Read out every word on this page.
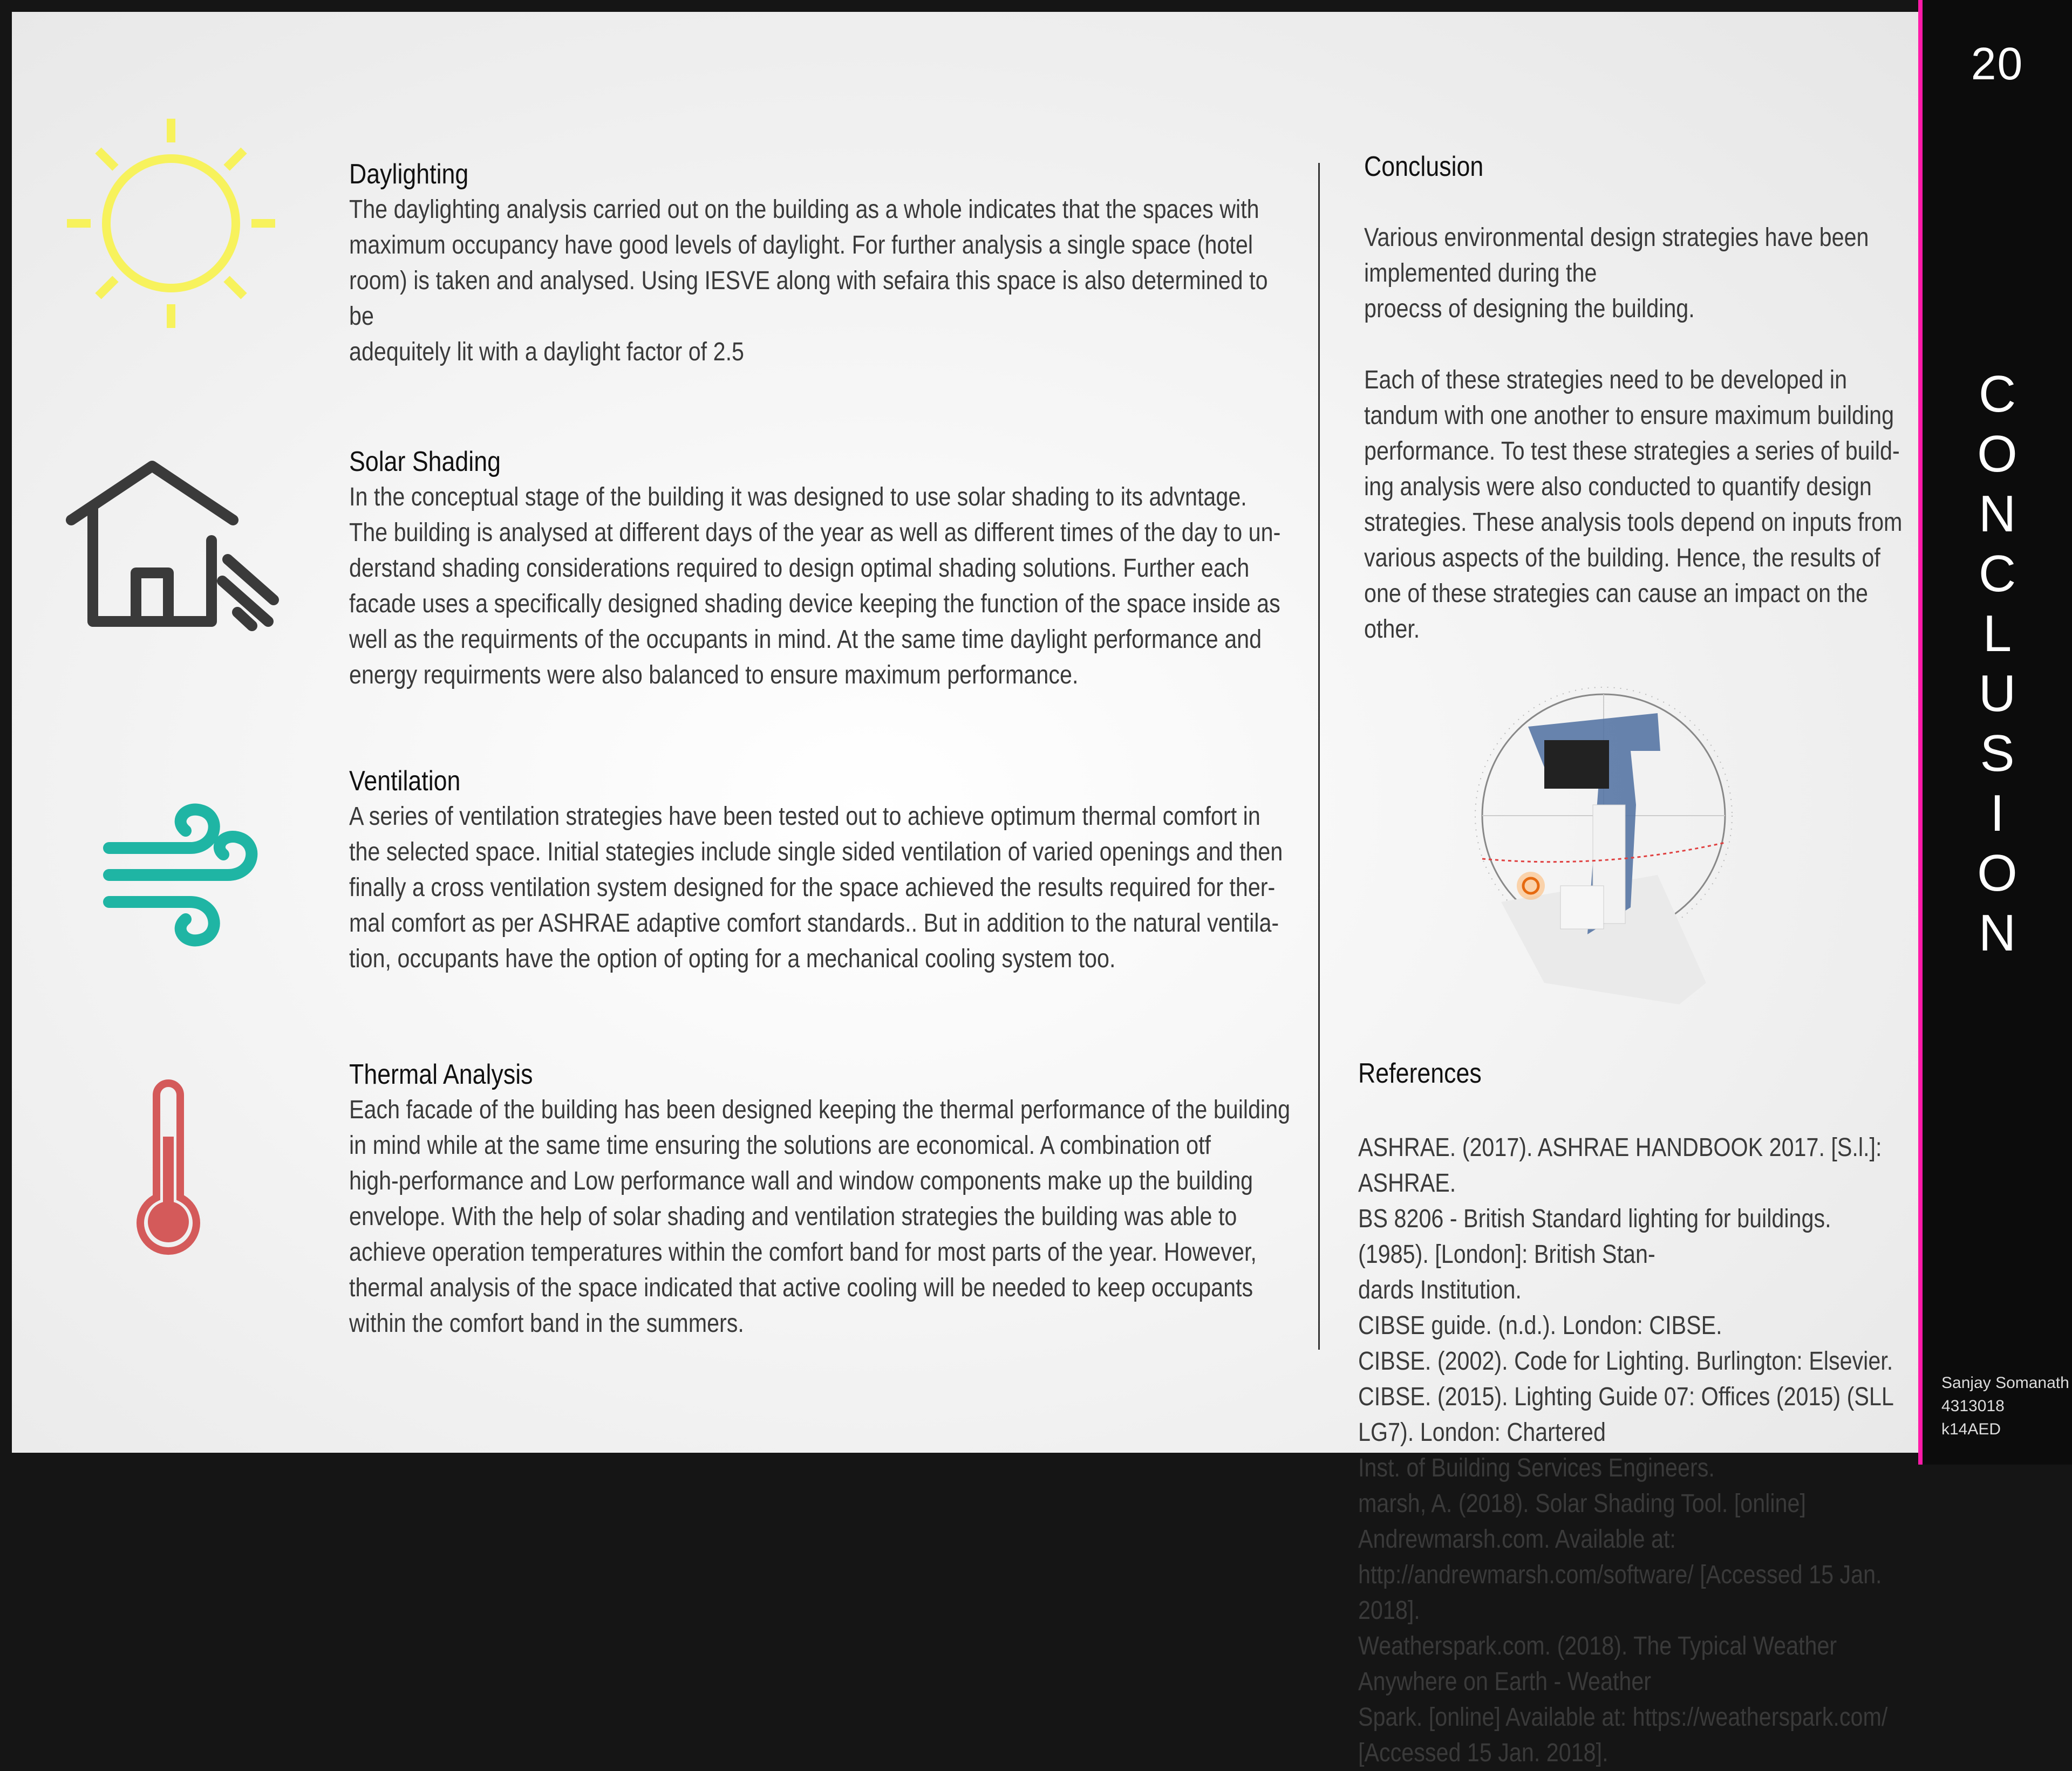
Daylighting

The daylighting analysis carried out on the building as a whole indicates that the spaces with
maximum occupancy have good levels of daylight. For further analysis a single space (hotel
room) is taken and analysed. Using IESVE along with sefaira this space is also determined to be
adequitely lit with a daylight factor of 2.5

Solar Shading

In the conceptual stage of the building it was designed to use solar shading to its advntage.
The building is analysed at different days of the year as well as different times of the day to un-
derstand shading considerations required to design optimal shading solutions. Further each
facade uses a specifically designed shading device keeping the function of the space inside as
well as the requirments of the occupants in mind. At the same time daylight performance and
energy requirments were also balanced to ensure maximum performance.

Ventilation

A series of ventilation strategies have been tested out to achieve optimum thermal comfort in
the selected space. Initial stategies include single sided ventilation of varied openings and then
finally a cross ventilation system designed for the space achieved the results required for ther-
mal comfort as per ASHRAE adaptive comfort standards.. But in addition to the natural ventila-
tion, occupants have the option of opting for a mechanical cooling system too.

Thermal Analysis

Each facade of the building has been designed keeping the thermal performance of the building
in mind while at the same time ensuring the solutions are economical. A combination otf
high-performance and Low performance wall and window components make up the building
envelope. With the help of solar shading and ventilation strategies the building was able to
achieve operation temperatures within the comfort band for most parts of the year. However,
thermal analysis of the space indicated that active cooling will be needed to keep occupants
within the comfort band in the summers.

Conclusion

Various environmental design strategies have been
implemented during the
proecss of designing the building.

Each of these strategies need to be developed in
tandum with one another to ensure maximum building
performance. To test these strategies a series of build-
ing analysis were also conducted to quantify design
strategies. These analysis tools depend on inputs from
various aspects of the building. Hence, the results of
one of these strategies can cause an impact on the
other.

References

ASHRAE. (2017). ASHRAE HANDBOOK 2017. [S.l.]: ASHRAE.
BS 8206 - British Standard lighting for buildings. (1985). [London]: British Stan-
dards Institution.
CIBSE guide. (n.d.). London: CIBSE.
CIBSE. (2002). Code for Lighting. Burlington: Elsevier.
CIBSE. (2015). Lighting Guide 07: Offices (2015) (SLL LG7). London: Chartered
Inst. of Building Services Engineers.
marsh, A. (2018). Solar Shading Tool. [online] Andrewmarsh.com. Available at:
http://andrewmarsh.com/software/ [Accessed 15 Jan. 2018].
Weatherspark.com. (2018). The Typical Weather Anywhere on Earth - Weather
Spark. [online] Available at: https://weatherspark.com/ [Accessed 15 Jan. 2018].

20
C
O
N
C
L
U
S
I
O
N
Sanjay Somanath
4313018
k14AED
